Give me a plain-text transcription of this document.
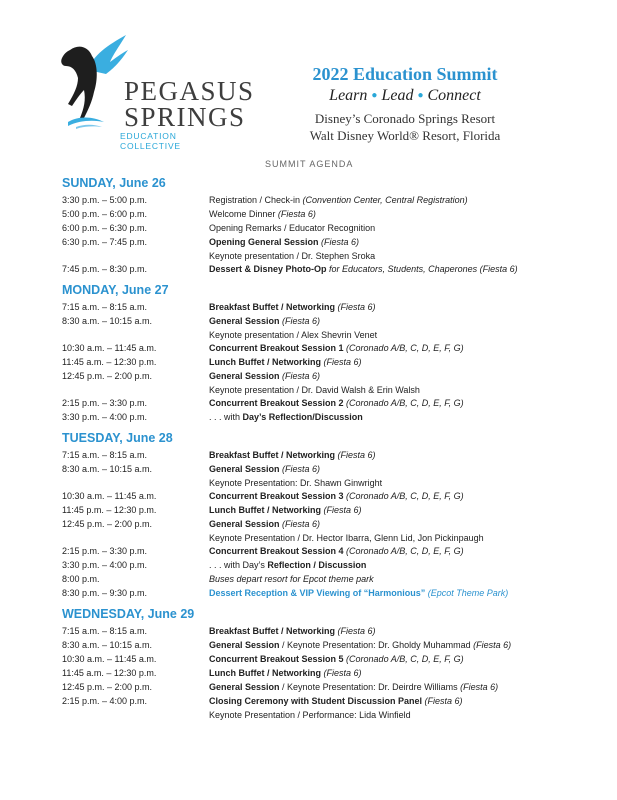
PEGASUS
SPRINGS
EDUCATION COLLECTIVE
2022 Education Summit
Learn ● Lead ● Connect
Disney’s Coronado Springs Resort
Walt Disney World® Resort, Florida
SUMMIT AGENDA
SUNDAY, June 26
3:30 p.m. – 5:00 p.m.	Registration / Check-in (Convention Center, Central Registration)
5:00 p.m. – 6:00 p.m.	Welcome Dinner (Fiesta 6)
6:00 p.m. – 6:30 p.m.	Opening Remarks / Educator Recognition
6:30 p.m. – 7:45 p.m.	Opening General Session (Fiesta 6)
Keynote presentation / Dr. Stephen Sroka
7:45 p.m. – 8:30 p.m.	Dessert & Disney Photo-Op for Educators, Students, Chaperones (Fiesta 6)
MONDAY, June 27
7:15 a.m. – 8:15 a.m.	Breakfast Buffet / Networking (Fiesta 6)
8:30 a.m. – 10:15 a.m.	General Session (Fiesta 6)
Keynote presentation / Alex Shevrin Venet
10:30 a.m. – 11:45 a.m.	Concurrent Breakout Session 1 (Coronado A/B, C, D, E, F, G)
11:45 a.m. – 12:30 p.m.	Lunch Buffet / Networking (Fiesta 6)
12:45 p.m. – 2:00 p.m.	General Session (Fiesta 6)
Keynote presentation / Dr. David Walsh & Erin Walsh
2:15 p.m. – 3:30 p.m.	Concurrent Breakout Session 2 (Coronado A/B, C, D, E, F, G)
3:30 p.m. – 4:00 p.m.	. . . with Day’s Reflection/Discussion
TUESDAY, June 28
7:15 a.m. – 8:15 a.m.	Breakfast Buffet / Networking (Fiesta 6)
8:30 a.m. – 10:15 a.m.	General Session (Fiesta 6)
Keynote Presentation: Dr. Shawn Ginwright
10:30 a.m. – 11:45 a.m.	Concurrent Breakout Session 3 (Coronado A/B, C, D, E, F, G)
11:45 p.m. – 12:30 p.m.	Lunch Buffet / Networking (Fiesta 6)
12:45 p.m. – 2:00 p.m.	General Session (Fiesta 6)
Keynote Presentation / Dr. Hector Ibarra, Glenn Lid, Jon Pickinpaugh
2:15 p.m. – 3:30 p.m.	Concurrent Breakout Session 4 (Coronado A/B, C, D, E, F, G)
3:30 p.m. – 4:00 p.m.	. . . with Day’s Reflection / Discussion
8:00 p.m.	Buses depart resort for Epcot theme park
8:30 p.m. – 9:30 p.m.	Dessert Reception & VIP Viewing of “Harmonious” (Epcot Theme Park)
WEDNESDAY, June 29
7:15 a.m. – 8:15 a.m.	Breakfast Buffet / Networking (Fiesta 6)
8:30 a.m. – 10:15 a.m.	General Session / Keynote Presentation: Dr. Gholdy Muhammad (Fiesta 6)
10:30 a.m. – 11:45 a.m.	Concurrent Breakout Session 5 (Coronado A/B, C, D, E, F, G)
11:45 a.m. – 12:30 p.m.	Lunch Buffet / Networking (Fiesta 6)
12:45 p.m. – 2:00 p.m.	General Session / Keynote Presentation: Dr. Deirdre Williams (Fiesta 6)
2:15 p.m. – 4:00 p.m.	Closing Ceremony with Student Discussion Panel (Fiesta 6)
Keynote Presentation / Performance: Lida Winfield
